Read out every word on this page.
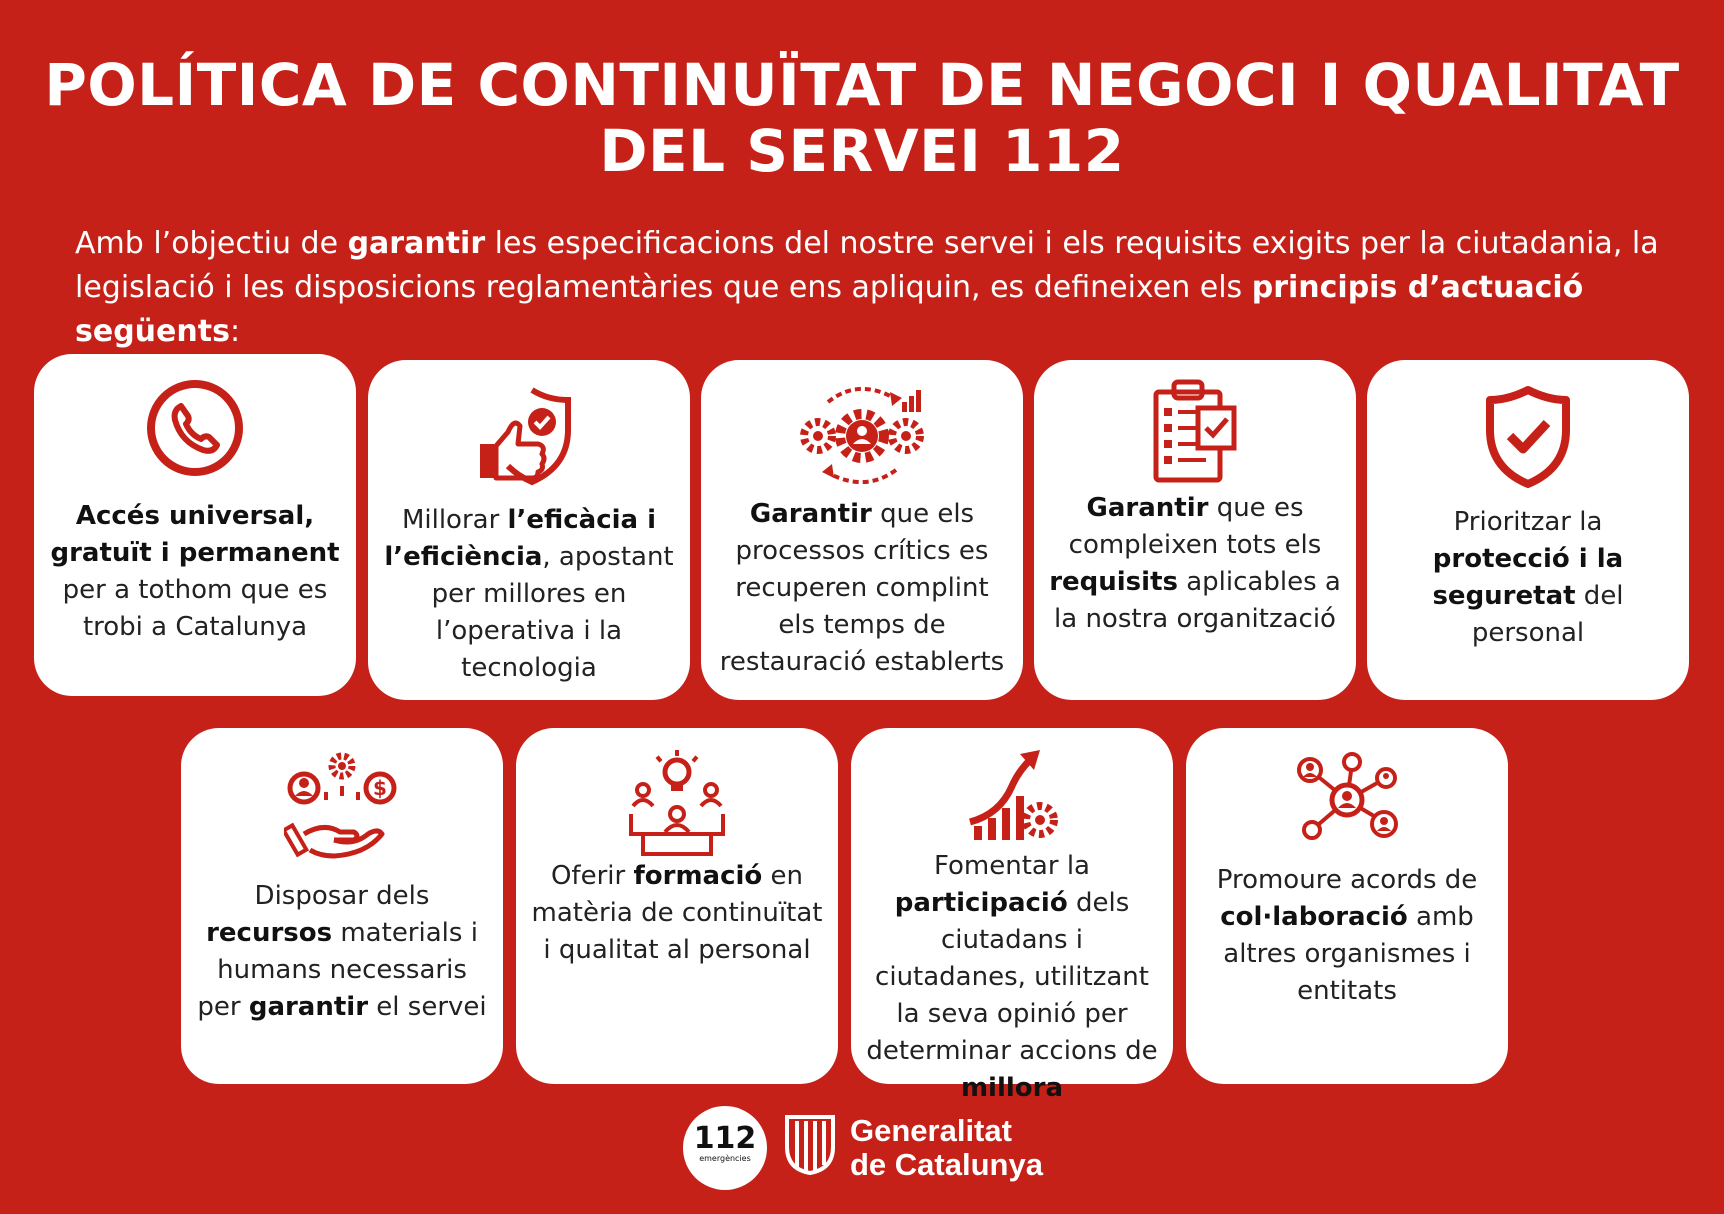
POLÍTICA DE CONTINUÏTAT DE NEGOCI I QUALITAT
DEL SERVEI 112

Amb l’objectiu de garantir les especificacions del nostre servei i els requisits exigits per la ciutadania, la legislació i les disposicions reglamentàries que ens apliquin, es defineixen els principis d’actuació següents:

Accés universal, gratuït i permanent per a tothom que es trobi a Catalunya
Millorar l’eficàcia i l’eficiència, apostant per millores en l’operativa i la tecnologia
Garantir que els processos crítics es recuperen complint els temps de restauració establerts
Garantir que es compleixen tots els requisits aplicables a la nostra organització
Prioritzar la protecció i la seguretat del personal
$
Disposar dels recursos materials i humans necessaris per garantir el servei
Oferir formació en matèria de continuïtat i qualitat al personal
Fomentar la participació dels ciutadans i ciutadanes, utilitzant la seva opinió per determinar accions de millora
Promoure acords de col·laboració amb altres organismes i entitats
112
emergències
Generalitat
de Catalunya
